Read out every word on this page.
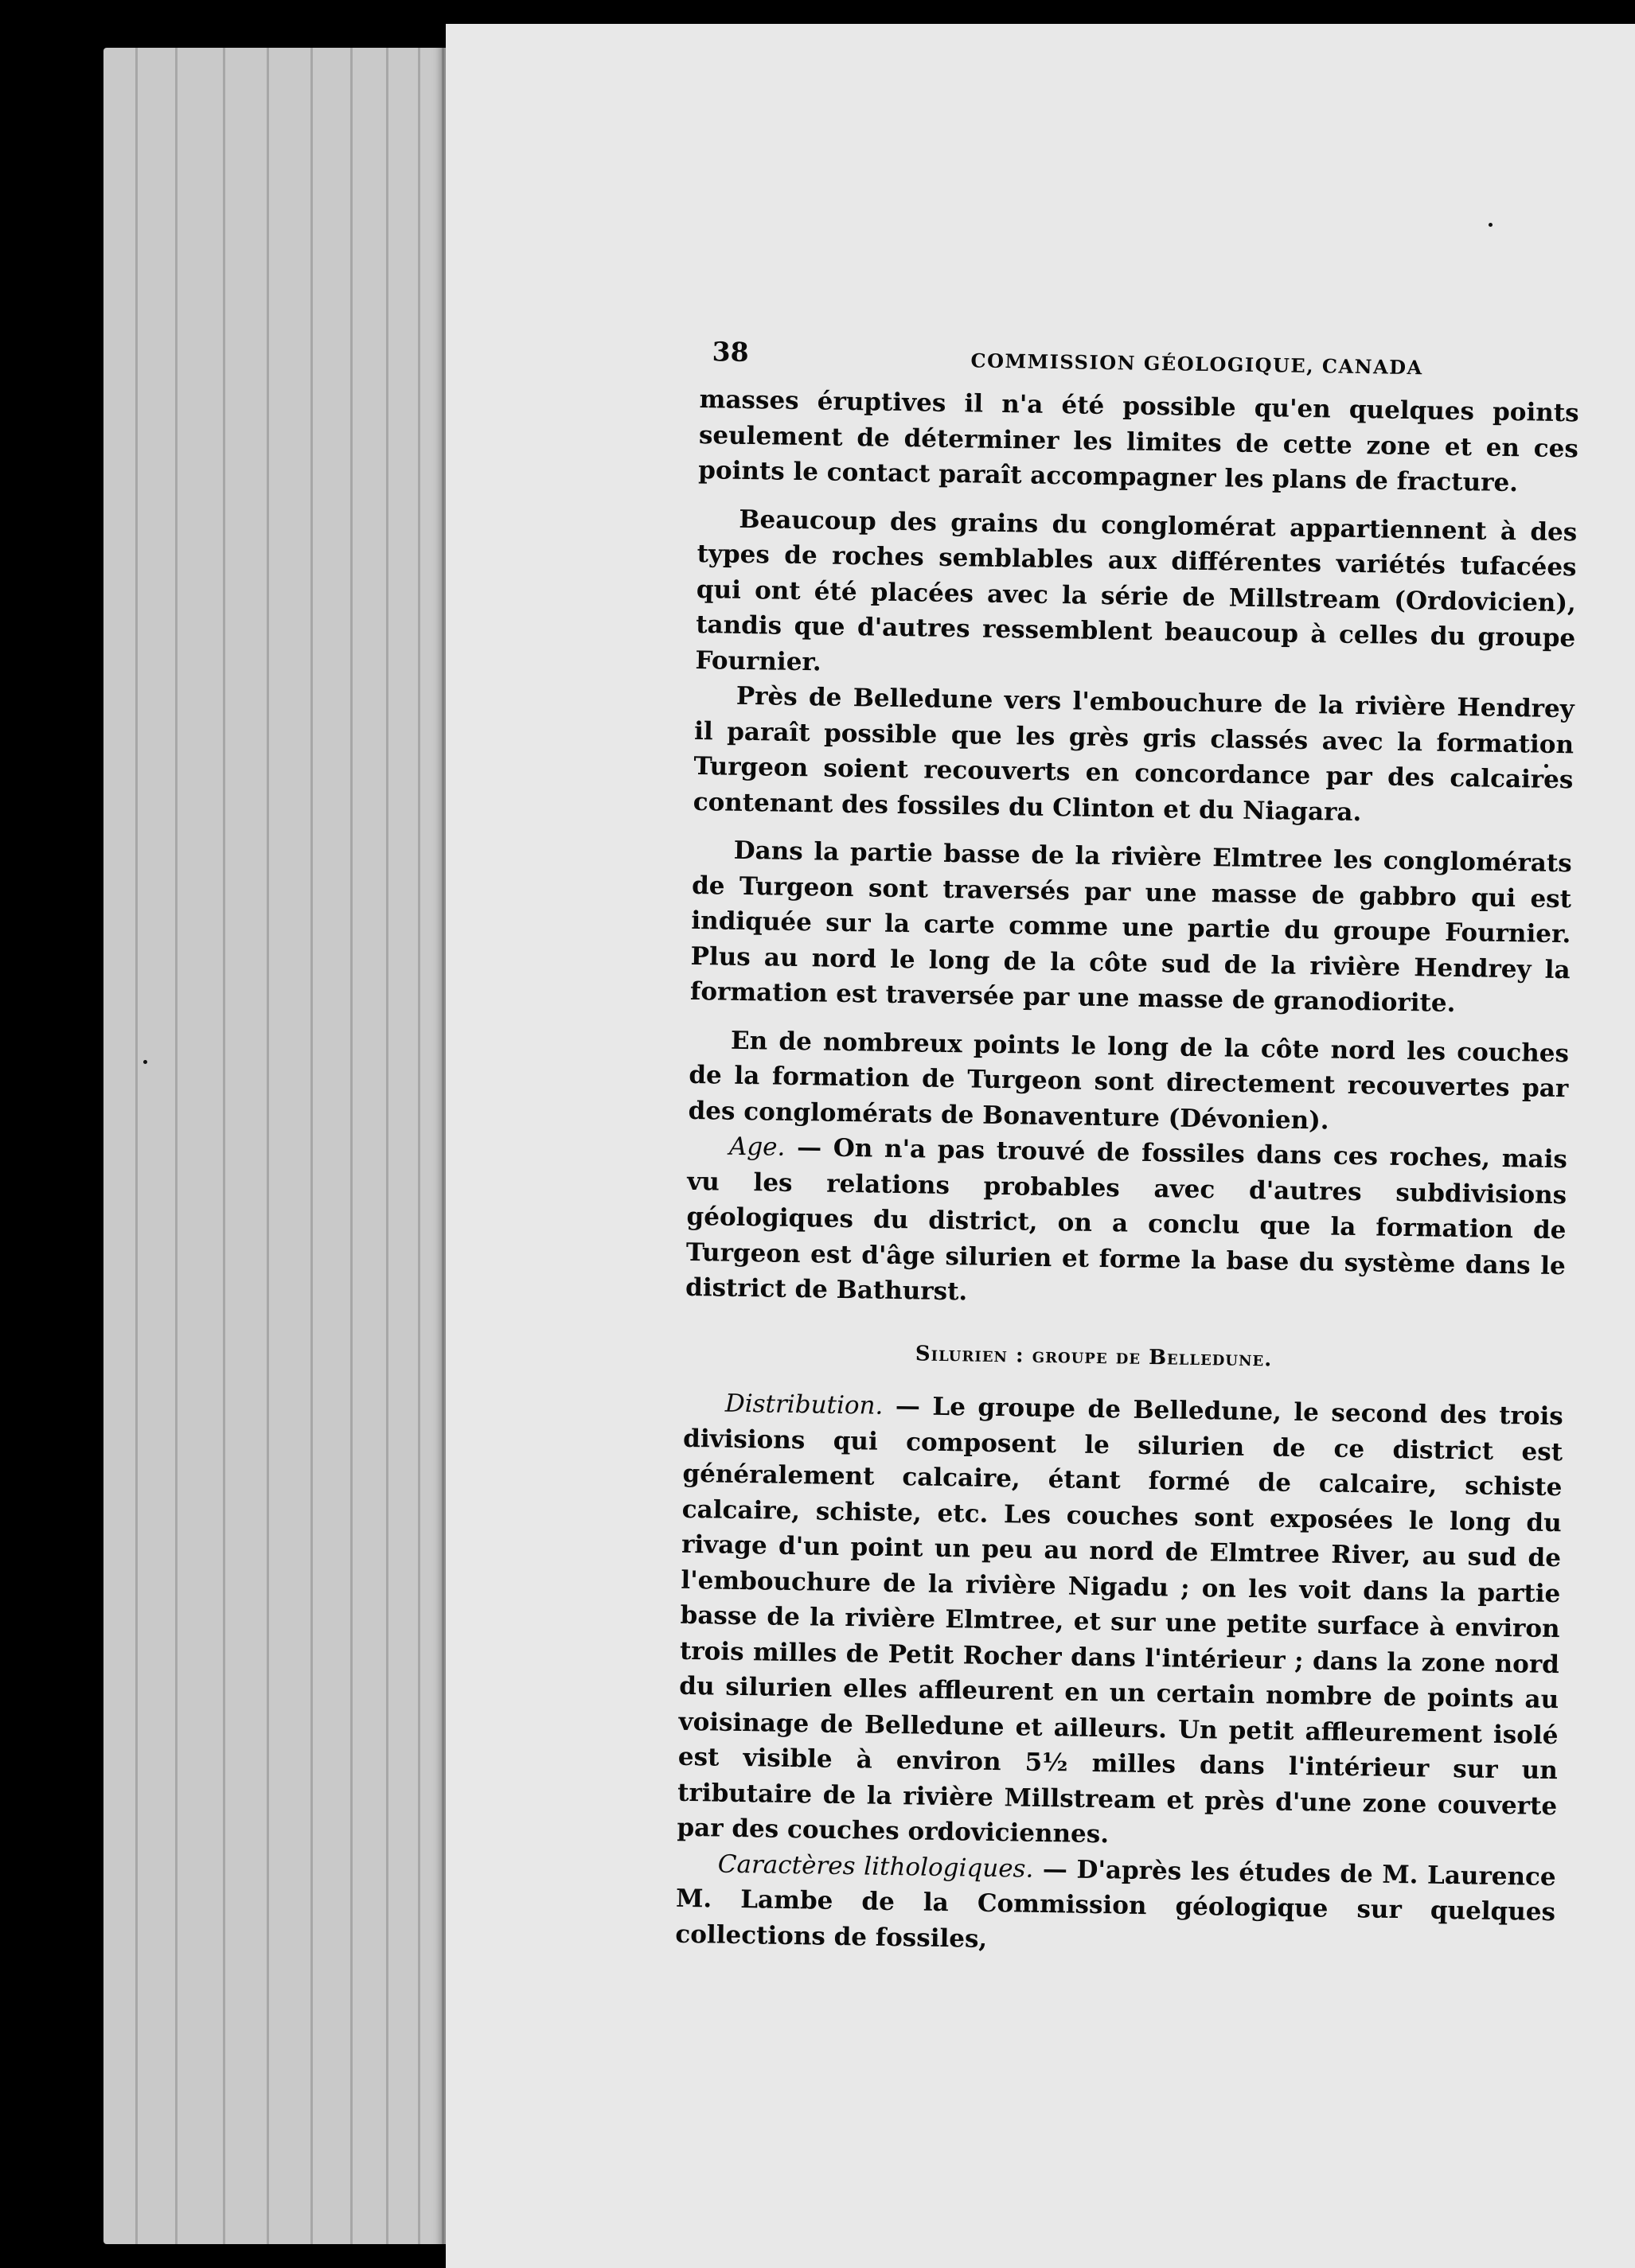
38	COMMISSION GÉOLOGIQUE, CANADA

masses éruptives il n'a été possible qu'en quelques points seulement de déterminer les limites de cette zone et en ces points le contact paraît accompagner les plans de fracture.

Beaucoup des grains du conglomérat appartiennent à des types de roches semblables aux différentes variétés tufacées qui ont été placées avec la série de Millstream (Ordovicien), tandis que d'autres ressemblent beaucoup à celles du groupe Fournier.

Près de Belledune vers l'embouchure de la rivière Hendrey il paraît possible que les grès gris classés avec la formation Turgeon soient recouverts en concordance par des calcaires contenant des fossiles du Clinton et du Niagara.

Dans la partie basse de la rivière Elmtree les conglomérats de Turgeon sont traversés par une masse de gabbro qui est indiquée sur la carte comme une partie du groupe Fournier. Plus au nord le long de la côte sud de la rivière Hendrey la formation est traversée par une masse de granodiorite.

En de nombreux points le long de la côte nord les couches de la formation de Turgeon sont directement recouvertes par des conglomérats de Bonaventure (Dévonien).

Age. — On n'a pas trouvé de fossiles dans ces roches, mais vu les relations probables avec d'autres subdivisions géologiques du district, on a conclu que la formation de Turgeon est d'âge silurien et forme la base du système dans le district de Bathurst.

Silurien : groupe de Belledune.

Distribution. — Le groupe de Belledune, le second des trois divisions qui composent le silurien de ce district est généralement calcaire, étant formé de calcaire, schiste calcaire, schiste, etc. Les couches sont exposées le long du rivage d'un point un peu au nord de Elmtree River, au sud de l'embouchure de la rivière Nigadu ; on les voit dans la partie basse de la rivière Elmtree, et sur une petite surface à environ trois milles de Petit Rocher dans l'intérieur ; dans la zone nord du silurien elles affleurent en un certain nombre de points au voisinage de Belledune et ailleurs. Un petit affleurement isolé est visible à environ 5½ milles dans l'intérieur sur un tributaire de la rivière Millstream et près d'une zone couverte par des couches ordoviciennes.

Caractères lithologiques. — D'après les études de M. Laurence M. Lambe de la Commission géologique sur quelques collections de fossiles,
